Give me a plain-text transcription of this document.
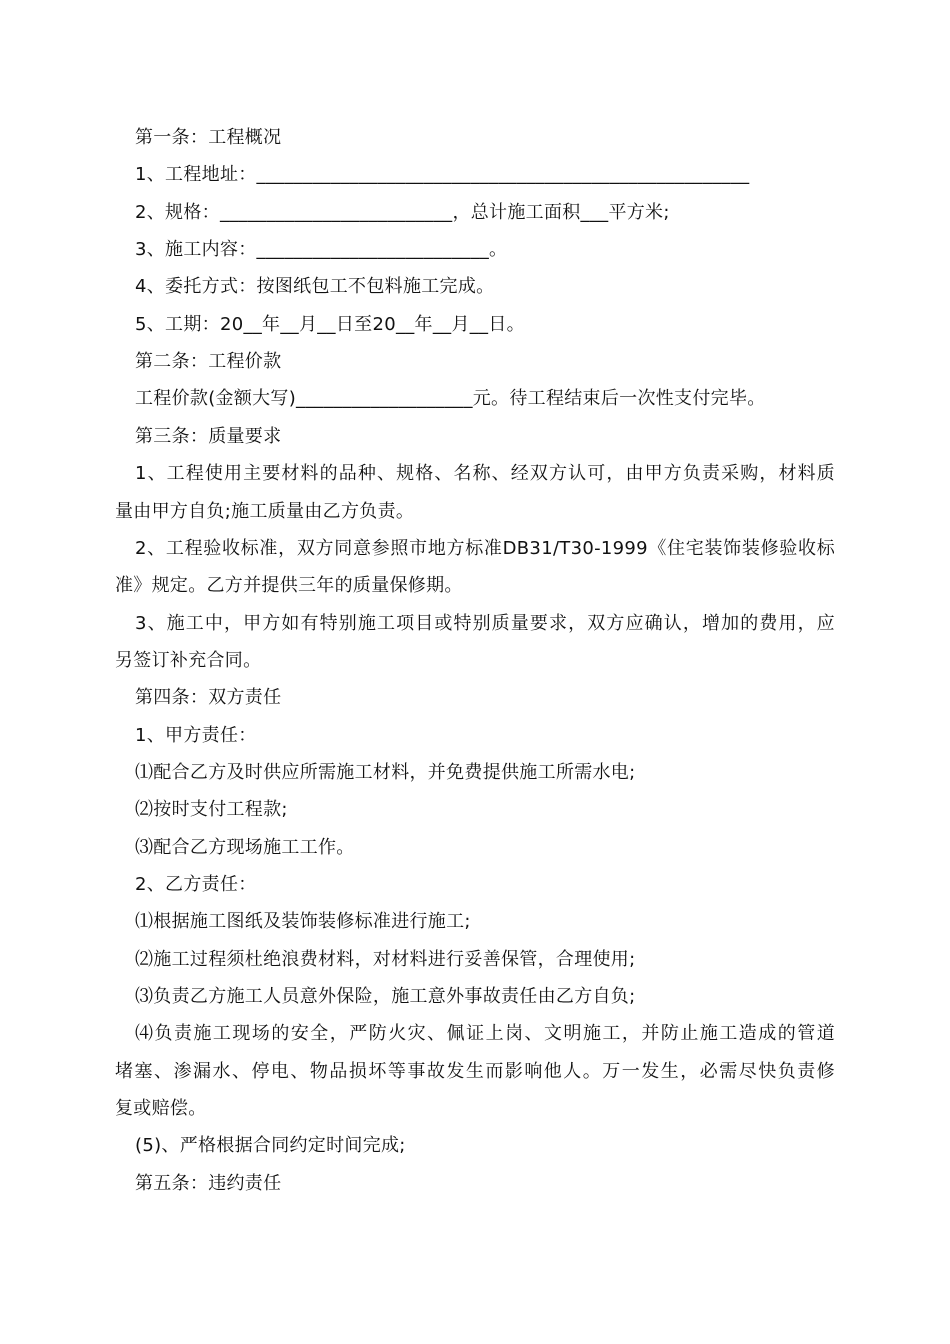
第一条：工程概况
1、工程地址：_____________________________________________________
2、规格：_________________________，总计施工面积___平方米;
3、施工内容：_________________________。
4、委托方式：按图纸包工不包料施工完成。
5、工期：20__年__月__日至20__年__月__日。
第二条：工程价款
工程价款(金额大写)___________________元。待工程结束后一次性支付完毕。
第三条：质量要求
1、工程使用主要材料的品种、规格、名称、经双方认可，由甲方负责采购，材料质
量由甲方自负;施工质量由乙方负责。
2、工程验收标准，双方同意参照市地方标准DB31/T30-1999《住宅装饰装修验收标
准》规定。乙方并提供三年的质量保修期。
3、施工中，甲方如有特别施工项目或特别质量要求，双方应确认，增加的费用，应
另签订补充合同。
第四条：双方责任
1、甲方责任：
⑴配合乙方及时供应所需施工材料，并免费提供施工所需水电;
⑵按时支付工程款;
⑶配合乙方现场施工工作。
2、乙方责任：
⑴根据施工图纸及装饰装修标准进行施工;
⑵施工过程须杜绝浪费材料，对材料进行妥善保管，合理使用;
⑶负责乙方施工人员意外保险，施工意外事故责任由乙方自负;
⑷负责施工现场的安全，严防火灾、佩证上岗、文明施工，并防止施工造成的管道
堵塞、渗漏水、停电、物品损坏等事故发生而影响他人。万一发生，必需尽快负责修
复或赔偿。
(5)、严格根据合同约定时间完成;
第五条：违约责任
